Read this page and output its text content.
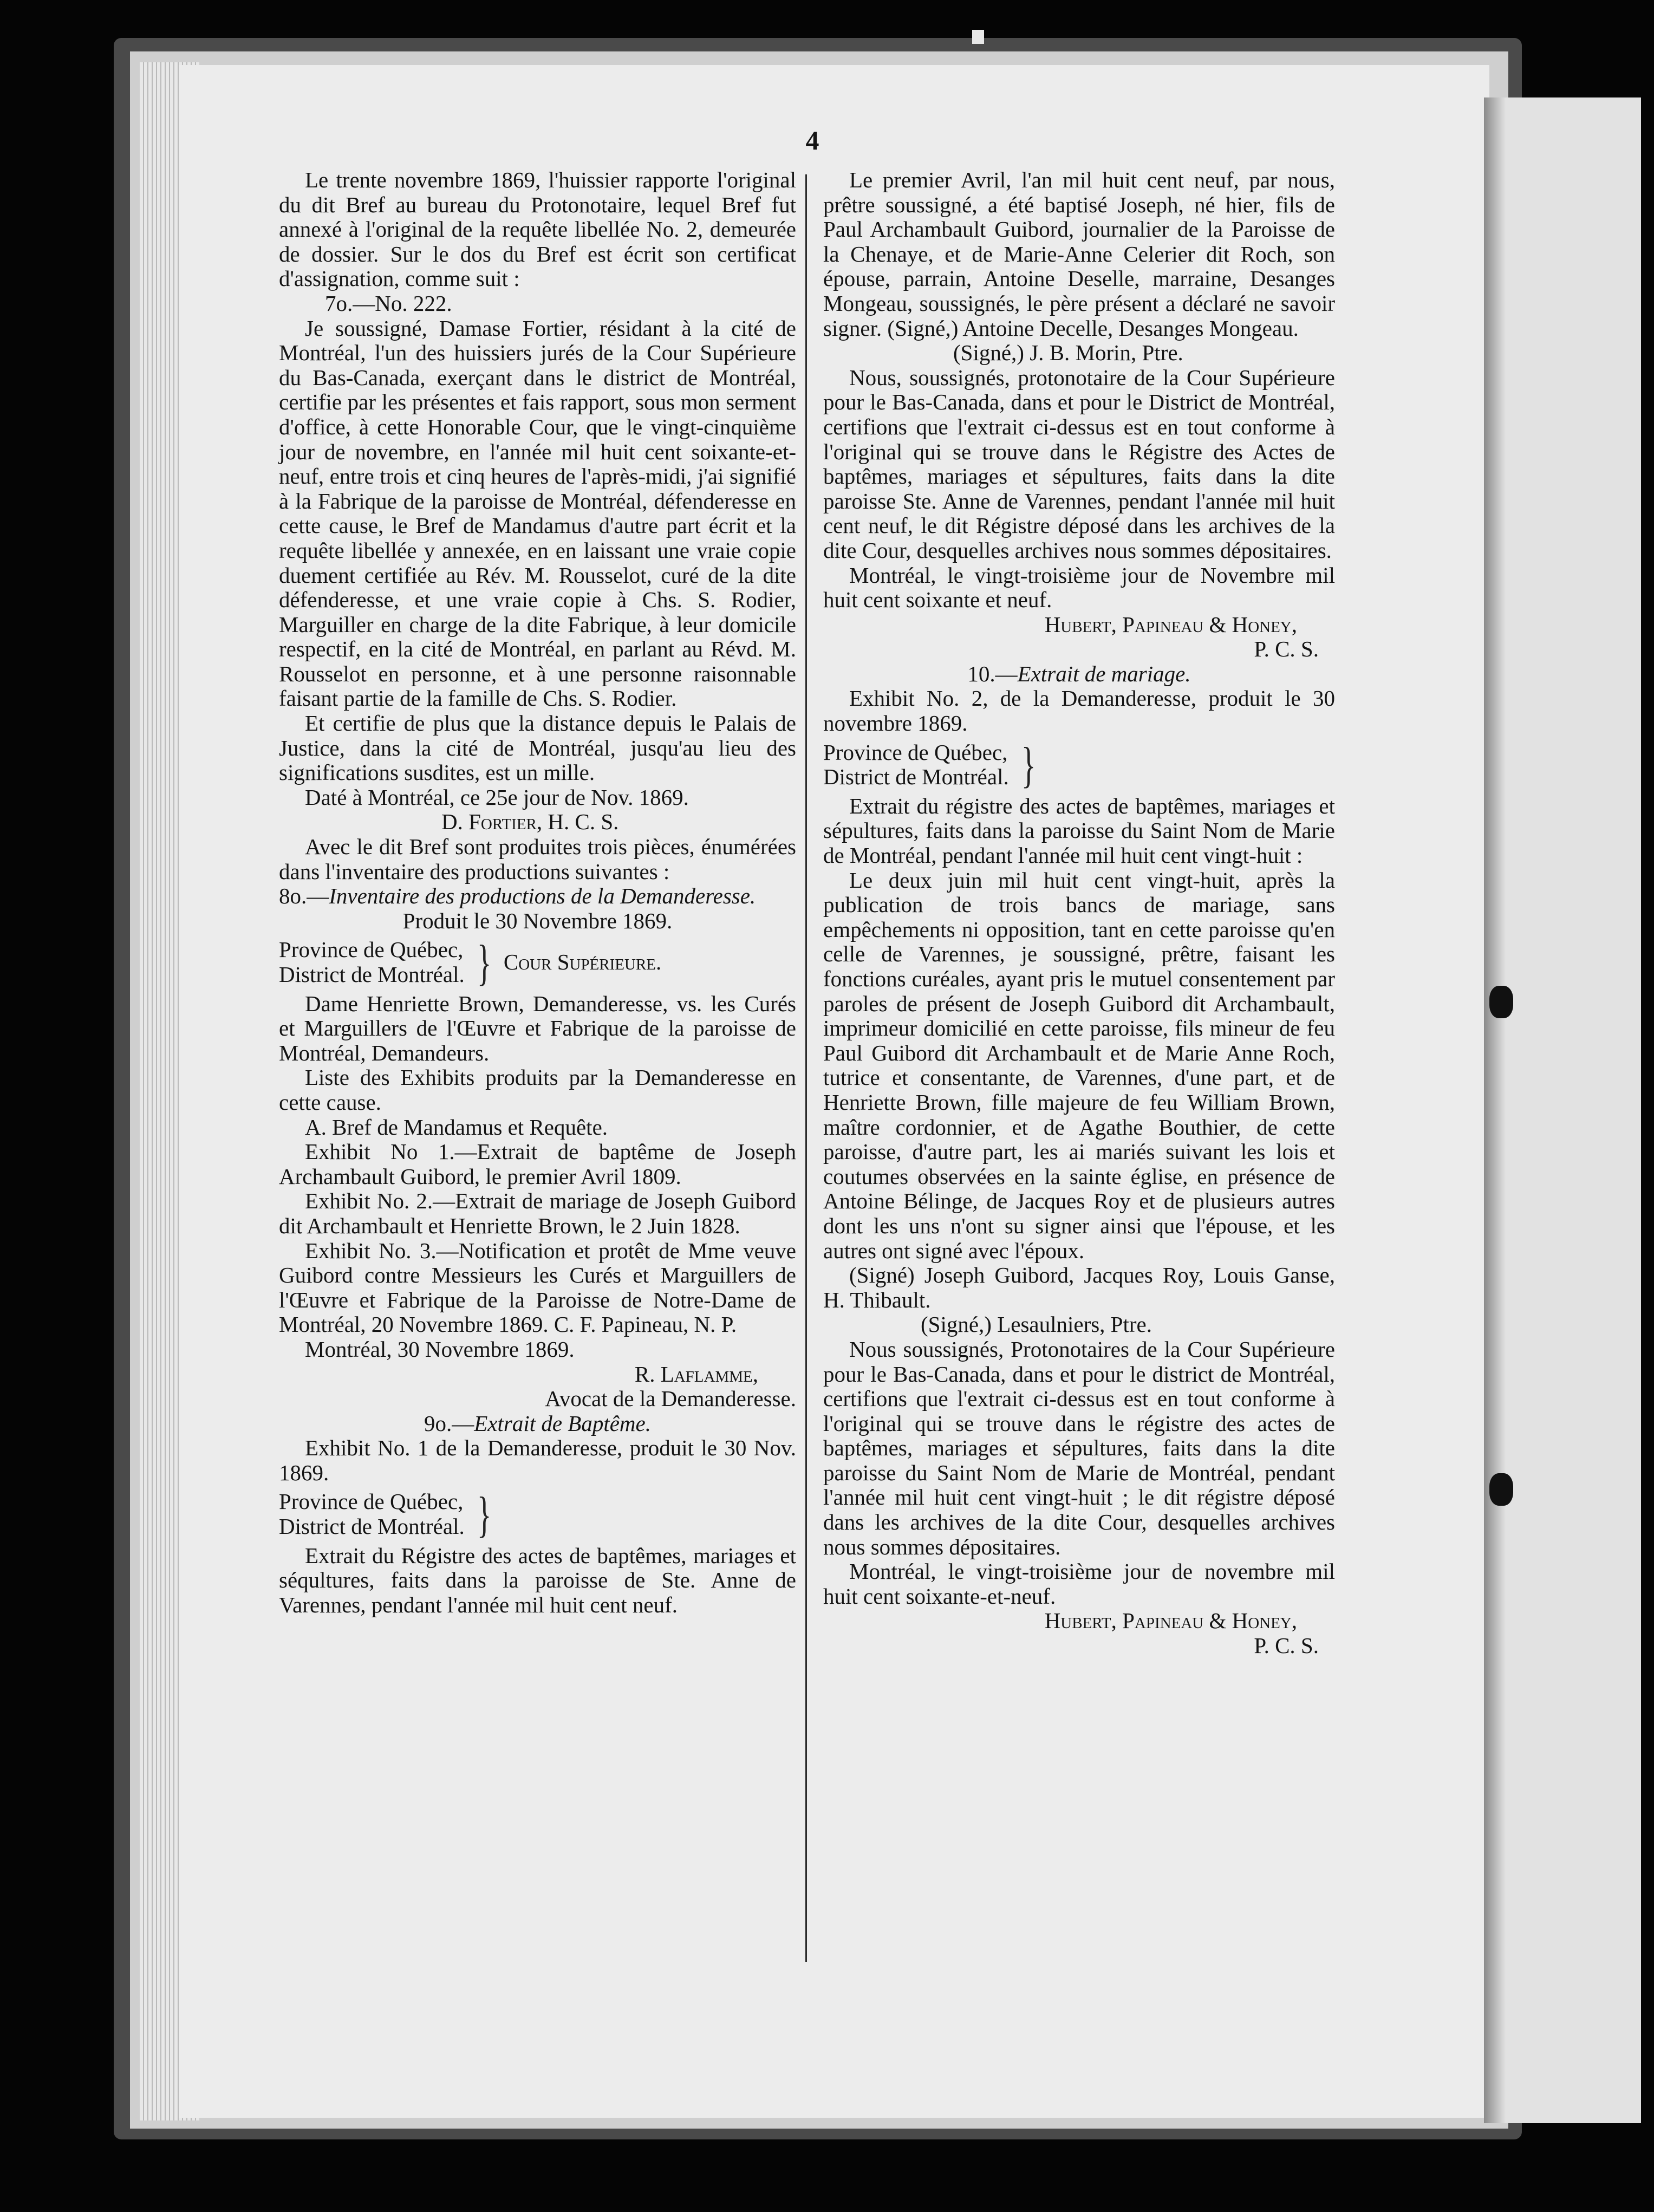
4

Le trente novembre 1869, l'huissier rapporte l'original du dit Bref au bureau du Protonotaire, lequel Bref fut annexé à l'original de la requête libellée No. 2, demeurée de dossier. Sur le dos du Bref est écrit son certificat d'assignation, comme suit :

7o.—No. 222.

Je soussigné, Damase Fortier, résidant à la cité de Montréal, l'un des huissiers jurés de la Cour Supérieure du Bas-Canada, exerçant dans le district de Montréal, certifie par les présentes et fais rapport, sous mon serment d'office, à cette Honorable Cour, que le vingt-cinquième jour de novembre, en l'année mil huit cent soixante-et-neuf, entre trois et cinq heures de l'après-midi, j'ai signifié à la Fabrique de la paroisse de Montréal, défenderesse en cette cause, le Bref de Mandamus d'autre part écrit et la requête libellée y annexée, en en laissant une vraie copie duement certifiée au Rév. M. Rousselot, curé de la dite défenderesse, et une vraie copie à Chs. S. Rodier, Marguiller en charge de la dite Fabrique, à leur domicile respectif, en la cité de Montréal, en parlant au Révd. M. Rousselot en personne, et à une personne raisonnable faisant partie de la famille de Chs. S. Rodier.

Et certifie de plus que la distance depuis le Palais de Justice, dans la cité de Montréal, jusqu'au lieu des significations susdites, est un mille.

Daté à Montréal, ce 25e jour de Nov. 1869.

D. Fortier, H. C. S.

Avec le dit Bref sont produites trois pièces, énumérées dans l'inventaire des productions suivantes :

8o.—Inventaire des productions de la Demanderesse.

Produit le 30 Novembre 1869.

Province de Québec,
District de Montréal. } Cour Supérieure.

Dame Henriette Brown, Demanderesse, vs. les Curés et Marguillers de l'Œuvre et Fabrique de la paroisse de Montréal, Demandeurs.

Liste des Exhibits produits par la Demanderesse en cette cause.

A. Bref de Mandamus et Requête.

Exhibit No 1.—Extrait de baptême de Joseph Archambault Guibord, le premier Avril 1809.

Exhibit No. 2.—Extrait de mariage de Joseph Guibord dit Archambault et Henriette Brown, le 2 Juin 1828.

Exhibit No. 3.—Notification et protêt de Mme veuve Guibord contre Messieurs les Curés et Marguillers de l'Œuvre et Fabrique de la Paroisse de Notre-Dame de Montréal, 20 Novembre 1869. C. F. Papineau, N. P.

Montréal, 30 Novembre 1869.

R. Laflamme,

Avocat de la Demanderesse.

9o.—Extrait de Baptême.

Exhibit No. 1 de la Demanderesse, produit le 30 Nov. 1869.

Province de Québec,
District de Montréal. }

Extrait du Régistre des actes de baptêmes, mariages et séqultures, faits dans la paroisse de Ste. Anne de Varennes, pendant l'année mil huit cent neuf.

Le premier Avril, l'an mil huit cent neuf, par nous, prêtre soussigné, a été baptisé Joseph, né hier, fils de Paul Archambault Guibord, journalier de la Paroisse de la Chenaye, et de Marie-Anne Celerier dit Roch, son épouse, parrain, Antoine Deselle, marraine, Desanges Mongeau, soussignés, le père présent a déclaré ne savoir signer. (Signé,) Antoine Decelle, Desanges Mongeau.

(Signé,) J. B. Morin, Ptre.

Nous, soussignés, protonotaire de la Cour Supérieure pour le Bas-Canada, dans et pour le District de Montréal, certifions que l'extrait ci-dessus est en tout conforme à l'original qui se trouve dans le Régistre des Actes de baptêmes, mariages et sépultures, faits dans la dite paroisse Ste. Anne de Varennes, pendant l'année mil huit cent neuf, le dit Régistre déposé dans les archives de la dite Cour, desquelles archives nous sommes dépositaires.

Montréal, le vingt-troisième jour de Novembre mil huit cent soixante et neuf.

Hubert, Papineau & Honey,

P. C. S.

10.—Extrait de mariage.

Exhibit No. 2, de la Demanderesse, produit le 30 novembre 1869.

Province de Québec,
District de Montréal. }

Extrait du régistre des actes de baptêmes, mariages et sépultures, faits dans la paroisse du Saint Nom de Marie de Montréal, pendant l'année mil huit cent vingt-huit :

Le deux juin mil huit cent vingt-huit, après la publication de trois bancs de mariage, sans empêchements ni opposition, tant en cette paroisse qu'en celle de Varennes, je soussigné, prêtre, faisant les fonctions curéales, ayant pris le mutuel consentement par paroles de présent de Joseph Guibord dit Archambault, imprimeur domicilié en cette paroisse, fils mineur de feu Paul Guibord dit Archambault et de Marie Anne Roch, tutrice et consentante, de Varennes, d'une part, et de Henriette Brown, fille majeure de feu William Brown, maître cordonnier, et de Agathe Bouthier, de cette paroisse, d'autre part, les ai mariés suivant les lois et coutumes observées en la sainte église, en présence de Antoine Bélinge, de Jacques Roy et de plusieurs autres dont les uns n'ont su signer ainsi que l'épouse, et les autres ont signé avec l'époux.

(Signé) Joseph Guibord, Jacques Roy, Louis Ganse, H. Thibault.

(Signé,) Lesaulniers, Ptre.

Nous soussignés, Protonotaires de la Cour Supérieure pour le Bas-Canada, dans et pour le district de Montréal, certifions que l'extrait ci-dessus est en tout conforme à l'original qui se trouve dans le régistre des actes de baptêmes, mariages et sépultures, faits dans la dite paroisse du Saint Nom de Marie de Montréal, pendant l'année mil huit cent vingt-huit ; le dit régistre déposé dans les archives de la dite Cour, desquelles archives nous sommes dépositaires.

Montréal, le vingt-troisième jour de novembre mil huit cent soixante-et-neuf.

Hubert, Papineau & Honey,

P. C. S.
